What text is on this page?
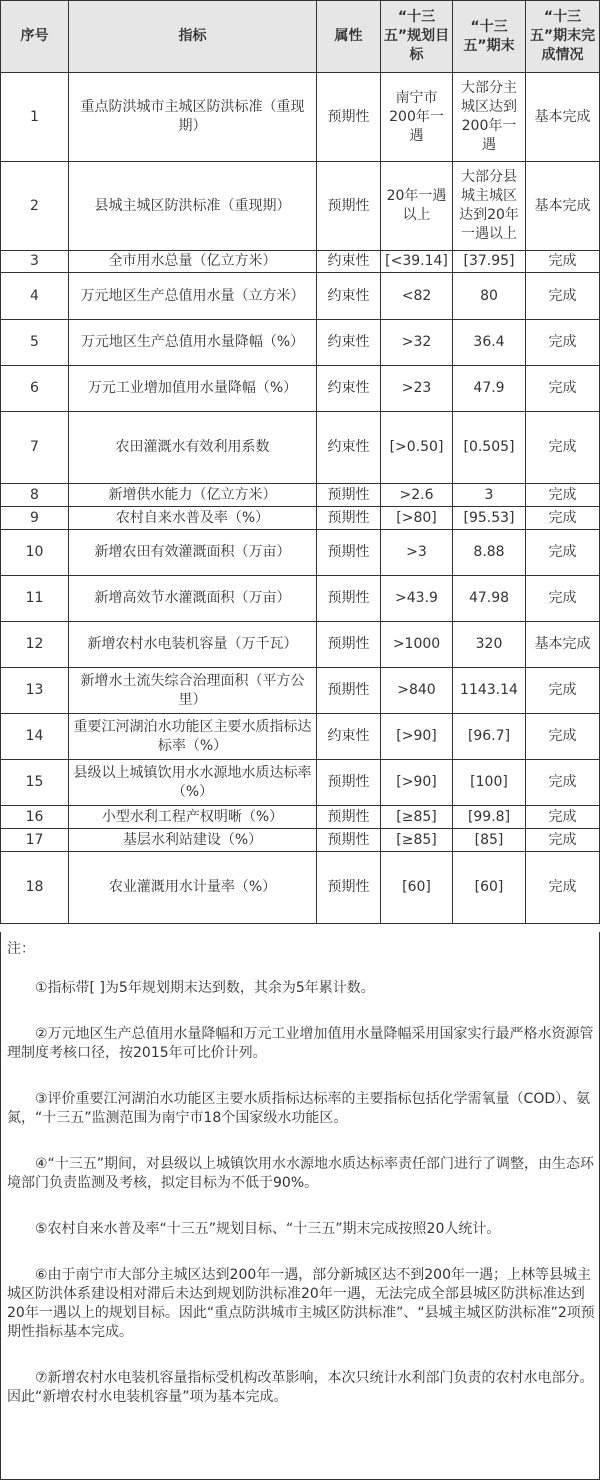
序号	指标	属性	“十三五”规划目标	“十三五”期末	“十三五”期末完成情况
1	重点防洪城市主城区防洪标准（重现期）	预期性	南宁市200年一遇	大部分主城区达到200年一遇	基本完成
2	县城主城区防洪标准（重现期）	预期性	20年一遇以上	大部分县城主城区达到20年一遇以上	基本完成
3	全市用水总量（亿立方米）	约束性	[<39.14]	[37.95]	完成
4	万元地区生产总值用水量（立方米）	约束性	<82	80	完成
5	万元地区生产总值用水量降幅（%）	约束性	>32	36.4	完成
6	万元工业增加值用水量降幅（%）	约束性	>23	47.9	完成
7	农田灌溉水有效利用系数	约束性	[>0.50]	[0.505]	完成
8	新增供水能力（亿立方米）	预期性	>2.6	3	完成
9	农村自来水普及率（%）	预期性	[>80]	[95.53]	完成
10	新增农田有效灌溉面积（万亩）	预期性	>3	8.88	完成
11	新增高效节水灌溉面积（万亩）	预期性	>43.9	47.98	完成
12	新增农村水电装机容量（万千瓦）	预期性	>1000	320	基本完成
13	新增水土流失综合治理面积（平方公里）	预期性	>840	1143.14	完成
14	重要江河湖泊水功能区主要水质指标达标率（%）	约束性	[>90]	[96.7]	完成
15	县级以上城镇饮用水水源地水质达标率（%）	预期性	[>90]	[100]	完成
16	小型水利工程产权明晰（%）	预期性	[≥85]	[99.8]	完成
17	基层水利站建设（%）	预期性	[≥85]	[85]	完成
18	农业灌溉用水计量率（%）	预期性	[60]	[60]	完成

注：

①指标带[ ]为5年规划期末达到数，其余为5年累计数。

②万元地区生产总值用水量降幅和万元工业增加值用水量降幅采用国家实行最严格水资源管理制度考核口径，按2015年可比价计列。

③评价重要江河湖泊水功能区主要水质指标达标率的主要指标包括化学需氧量（COD）、氨氮，“十三五”监测范围为南宁市18个国家级水功能区。

④“十三五”期间，对县级以上城镇饮用水水源地水质达标率责任部门进行了调整，由生态环境部门负责监测及考核，拟定目标为不低于90%。

⑤农村自来水普及率“十三五”规划目标、“十三五”期末完成按照20人统计。

⑥由于南宁市大部分主城区达到200年一遇，部分新城区达不到200年一遇；上林等县城主城区防洪体系建设相对滞后未达到规划防洪标准20年一遇，无法完成全部县城区防洪标准达到20年一遇以上的规划目标。因此“重点防洪城市主城区防洪标准”、“县城主城区防洪标准”2项预期性指标基本完成。

⑦新增农村水电装机容量指标受机构改革影响，本次只统计水利部门负责的农村水电部分。因此“新增农村水电装机容量”项为基本完成。
